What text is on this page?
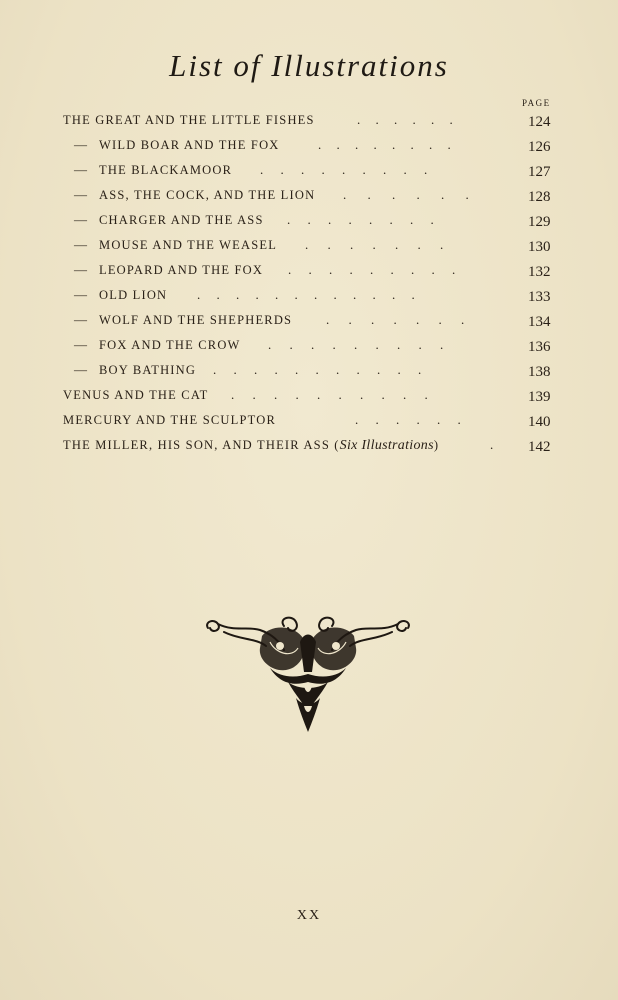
List of Illustrations
PAGE
THE GREAT AND THE LITTLE FISHES	. . . . . .	124
— WILD BOAR AND THE FOX	. . . . . . . .	126
— THE BLACKAMOOR . . . . . . . . .	127
— ASS, THE COCK, AND THE LION . . . . . .	128
— CHARGER AND THE ASS . . . . . . . .	129
— MOUSE AND THE WEASEL . . . . . . .	130
— LEOPARD AND THE FOX . . . . . . . . .	132
— OLD LION . . . . . . . . . . . .	133
— WOLF AND THE SHEPHERDS	. . . . . . .	134
— FOX AND THE CROW . . . . . . . . .	136
— BOY BATHING . . . . . . . . . . .	138
VENUS AND THE CAT . . . . . . . . . .	139
MERCURY AND THE SCULPTOR	. . . . . .	140
THE MILLER, HIS SON, AND THEIR ASS (Six Illustrations)	. 142
XX
